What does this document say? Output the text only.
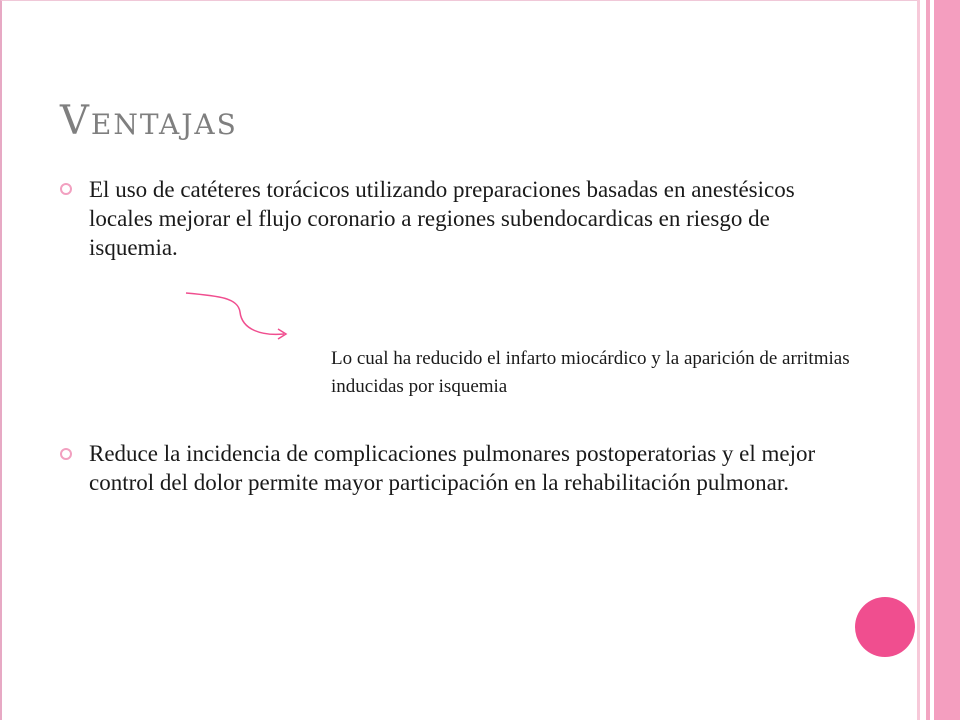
Ventajas

El uso de catéteres torácicos utilizando preparaciones basadas en anestésicos locales mejorar el flujo coronario a regiones subendocardicas en riesgo de isquemia.

Lo cual ha reducido el infarto miocárdico y la aparición de arritmias inducidas por isquemia

Reduce la incidencia de complicaciones pulmonares postoperatorias y el mejor control del dolor permite mayor participación en la rehabilitación pulmonar.
